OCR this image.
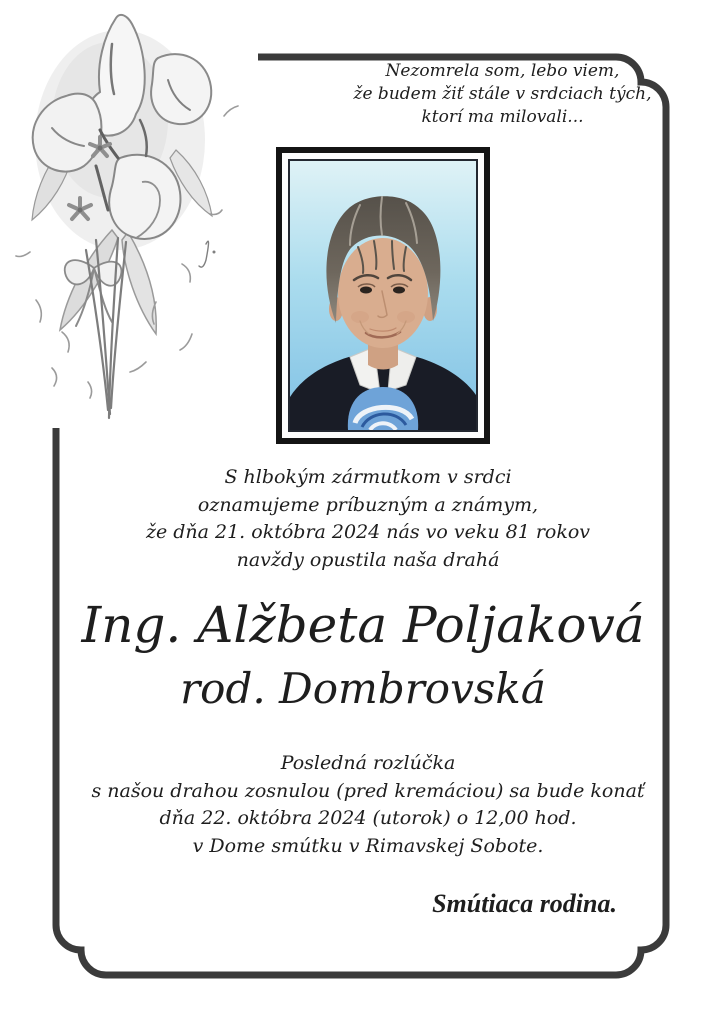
Nezomrela som, lebo viem,
že budem žiť stále v srdciach tých,
ktorí ma milovali...
S hlbokým zármutkom v srdci
oznamujeme príbuzným a známym,
že dňa 21. októbra 2024 nás vo veku 81 rokov
navždy opustila naša drahá
Ing. Alžbeta Poljaková
rod. Dombrovská
Posledná rozlúčka
s našou drahou zosnulou (pred kremáciou) sa bude konať
dňa 22. októbra 2024 (utorok) o 12,00 hod.
v Dome smútku v Rimavskej Sobote.
Smútiaca rodina.
